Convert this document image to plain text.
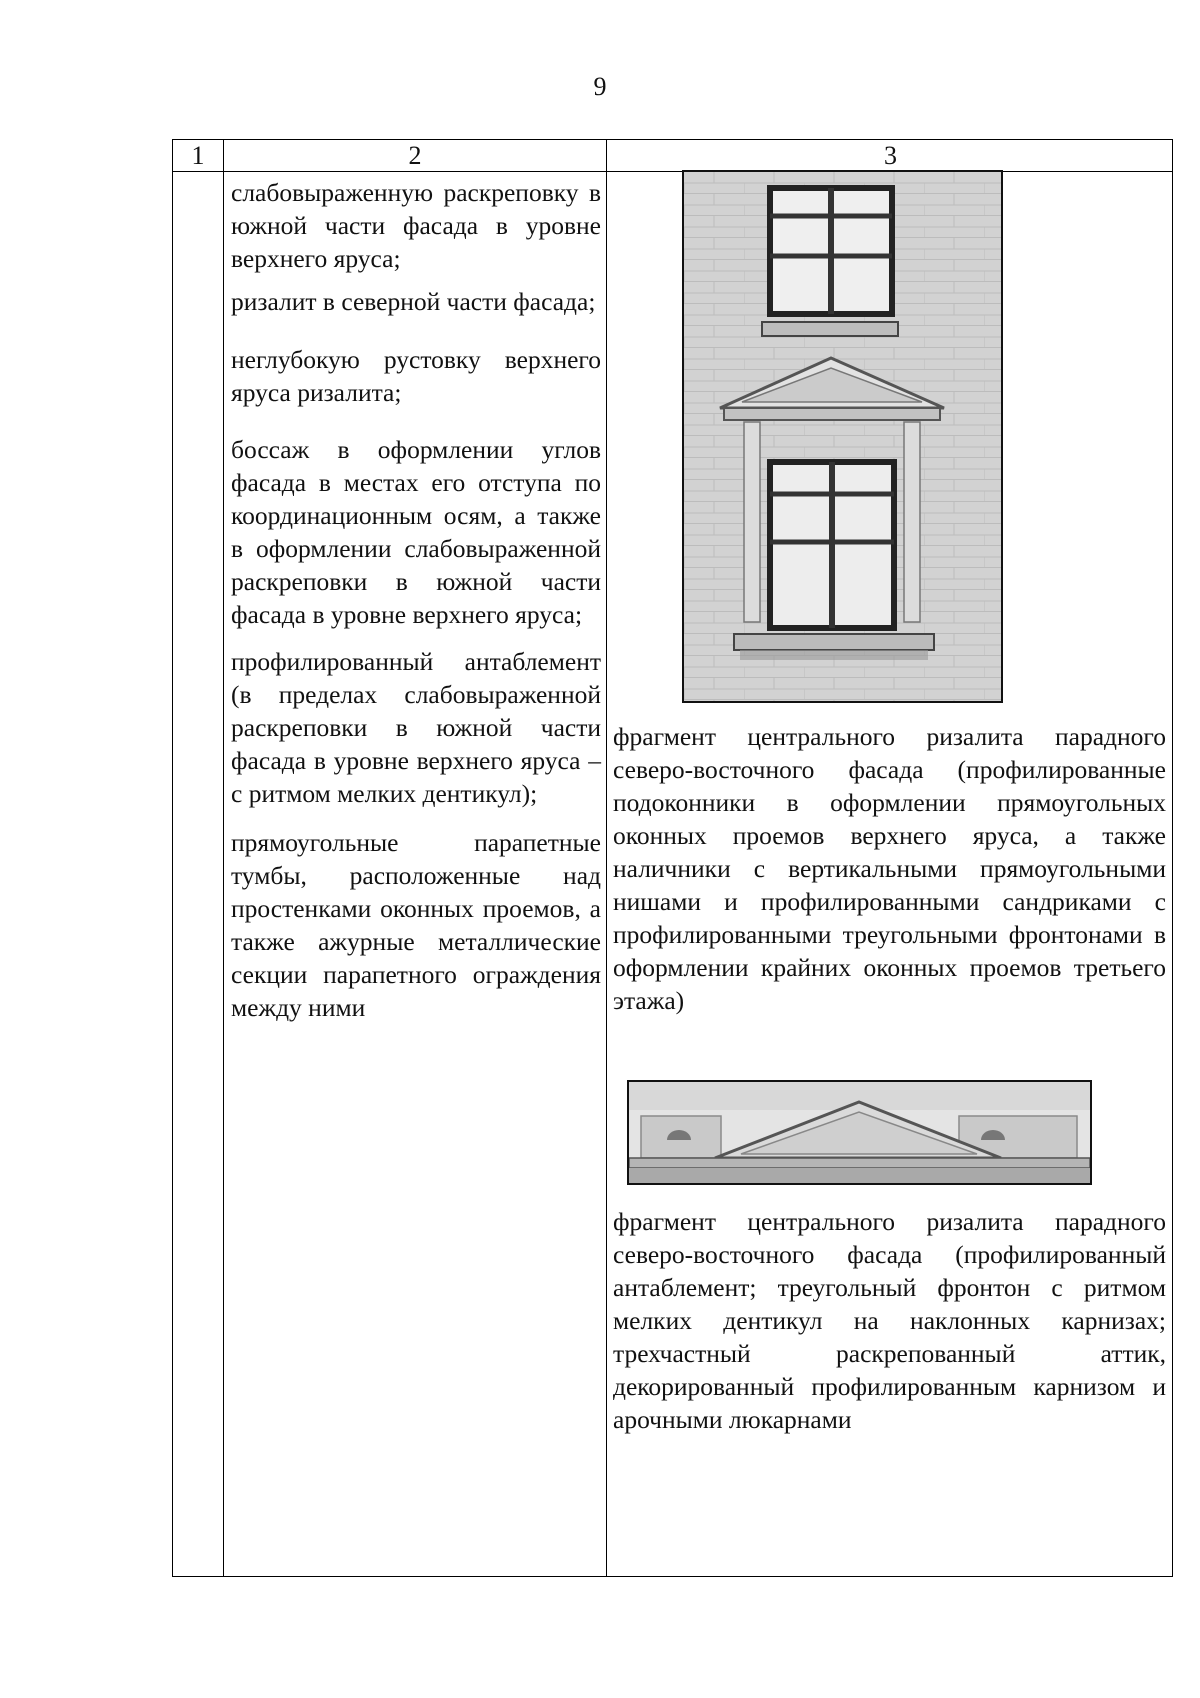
9
1	2	3
слабовыраженную раскреповку в южной части фасада в уровне верхнего яруса;
ризалит в северной части фасада;
неглубокую рустовку верхнего яруса ризалита;
боссаж в оформлении углов фасада в местах его отступа по координационным осям, а также в оформлении слабовыраженной раскреповки в южной части фасада в уровне верхнего яруса;
профилированный антаблемент (в пределах слабовыраженной раскреповки в южной части фасада в уровне верхнего яруса – с ритмом мелких дентикул);
прямоугольные парапетные тумбы, расположенные над простенками оконных проемов, а также ажурные металлические секции парапетного ограждения между ними
фрагмент центрального ризалита парадного северо-восточного фасада (профилированные подоконники в оформлении прямоугольных оконных проемов верхнего яруса, а также наличники с вертикальными прямоугольными нишами и профилированными сандриками с профилированными треугольными фронтонами в оформлении крайних оконных проемов третьего этажа)
фрагмент центрального ризалита парадного северо-восточного фасада (профилированный антаблемент; треугольный фронтон с ритмом мелких дентикул на наклонных карнизах; трехчастный раскрепованный аттик, декорированный профилированным карнизом и арочными люкарнами
